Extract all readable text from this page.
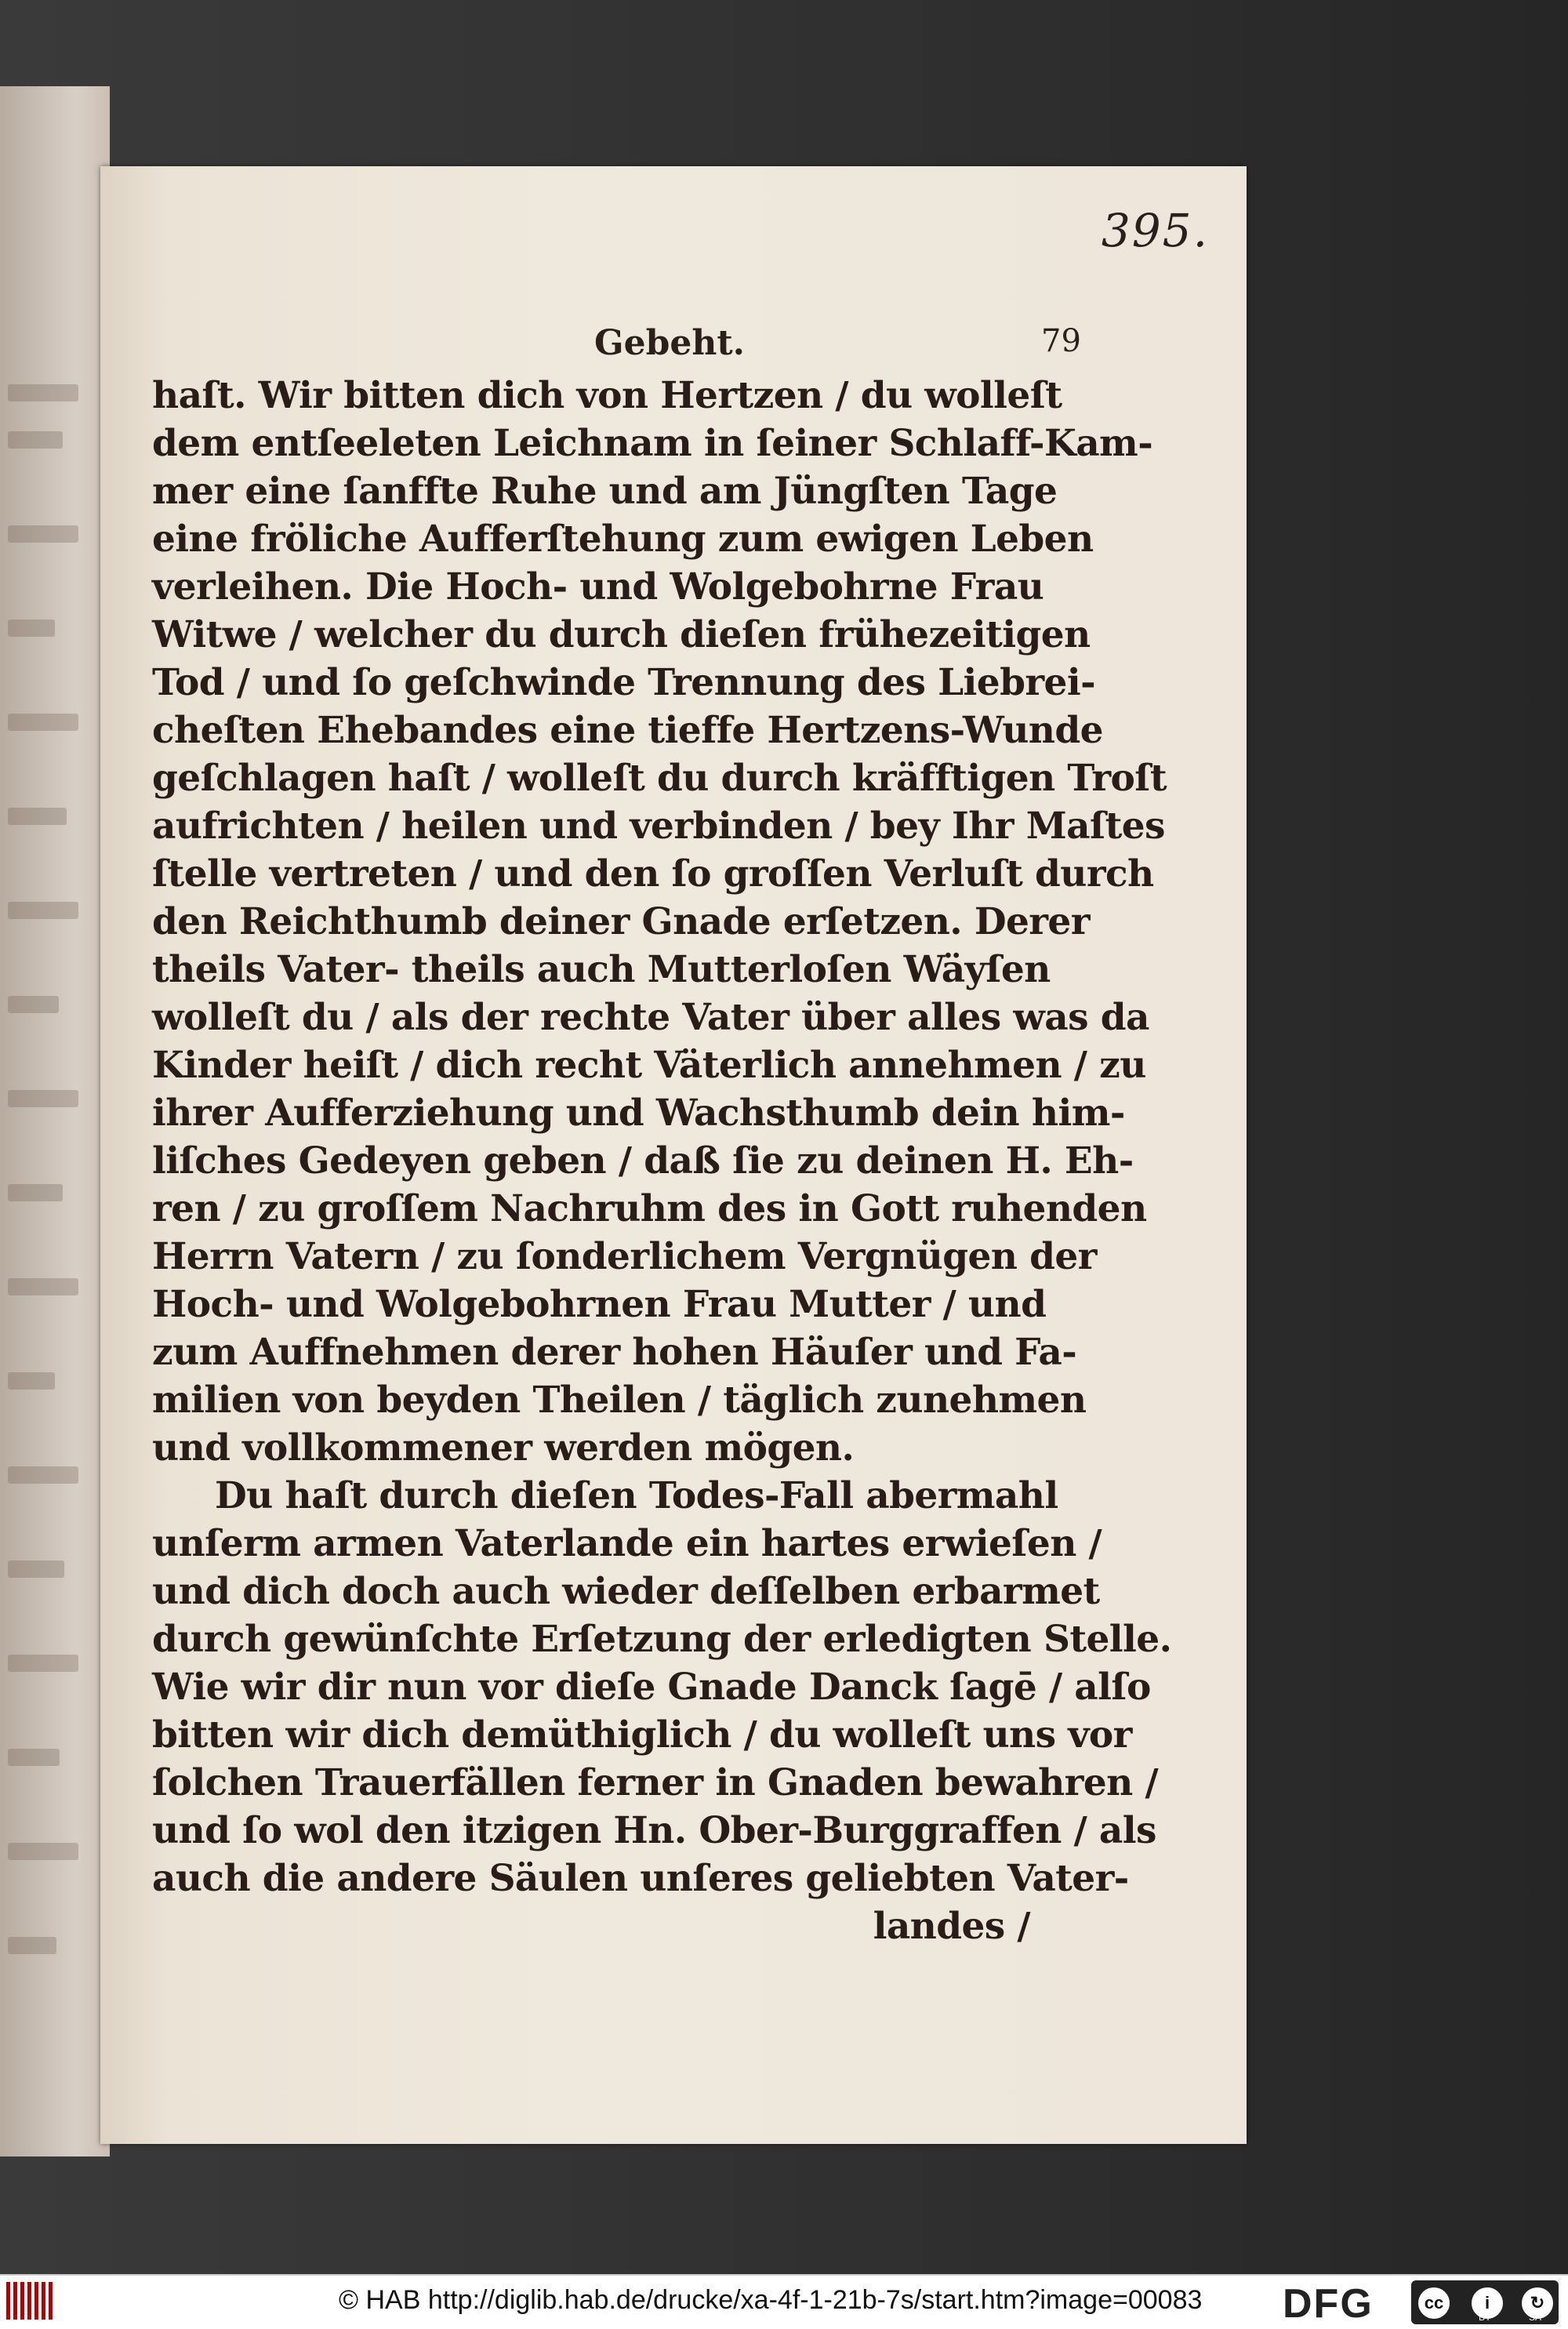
395.
Gebeht.	79
haſt. Wir bitten dich von Hertzen / du wolleſt
dem entſeeleten Leichnam in ſeiner Schlaff-Kam-
mer eine ſanffte Ruhe und am Jüngſten Tage
eine fröliche Aufferſtehung zum ewigen Leben
verleihen. Die Hoch- und Wolgebohrne Frau
Witwe / welcher du durch dieſen frühezeitigen
Tod / und ſo geſchwinde Trennung des Liebrei-
cheſten Ehebandes eine tieffe Hertzens-Wunde
geſchlagen haſt / wolleſt du durch kräfftigen Troſt
aufrichten / heilen und verbinden / bey Ihr Maſtes
ſtelle vertreten / und den ſo groſſen Verluſt durch
den Reichthumb deiner Gnade erſetzen. Derer
theils Vater- theils auch Mutterloſen Wäyſen
wolleſt du / als der rechte Vater über alles was da
Kinder heiſt / dich recht Väterlich annehmen / zu
ihrer Aufferziehung und Wachsthumb dein him-
liſches Gedeyen geben / daß ſie zu deinen H. Eh-
ren / zu groſſem Nachruhm des in Gott ruhenden
Herrn Vatern / zu ſonderlichem Vergnügen der
Hoch- und Wolgebohrnen Frau Mutter / und
zum Auffnehmen derer hohen Häuſer und Fa-
milien von beyden Theilen / täglich zunehmen
und vollkommener werden mögen.
Du haſt durch dieſen Todes-Fall abermahl
unſerm armen Vaterlande ein hartes erwieſen /
und dich doch auch wieder deſſelben erbarmet
durch gewünſchte Erſetzung der erledigten Stelle.
Wie wir dir nun vor dieſe Gnade Danck ſagē / alſo
bitten wir dich demüthiglich / du wolleſt uns vor
ſolchen Trauerfällen ferner in Gnaden bewahren /
und ſo wol den itzigen Hn. Ober-Burggraffen / als
auch die andere Säulen unſeres geliebten Vater-
landes /
© HAB http://diglib.hab.de/drucke/xa-4f-1-21b-7s/start.htm?image=00083 DFG	cc	i	↻
BY	SA
